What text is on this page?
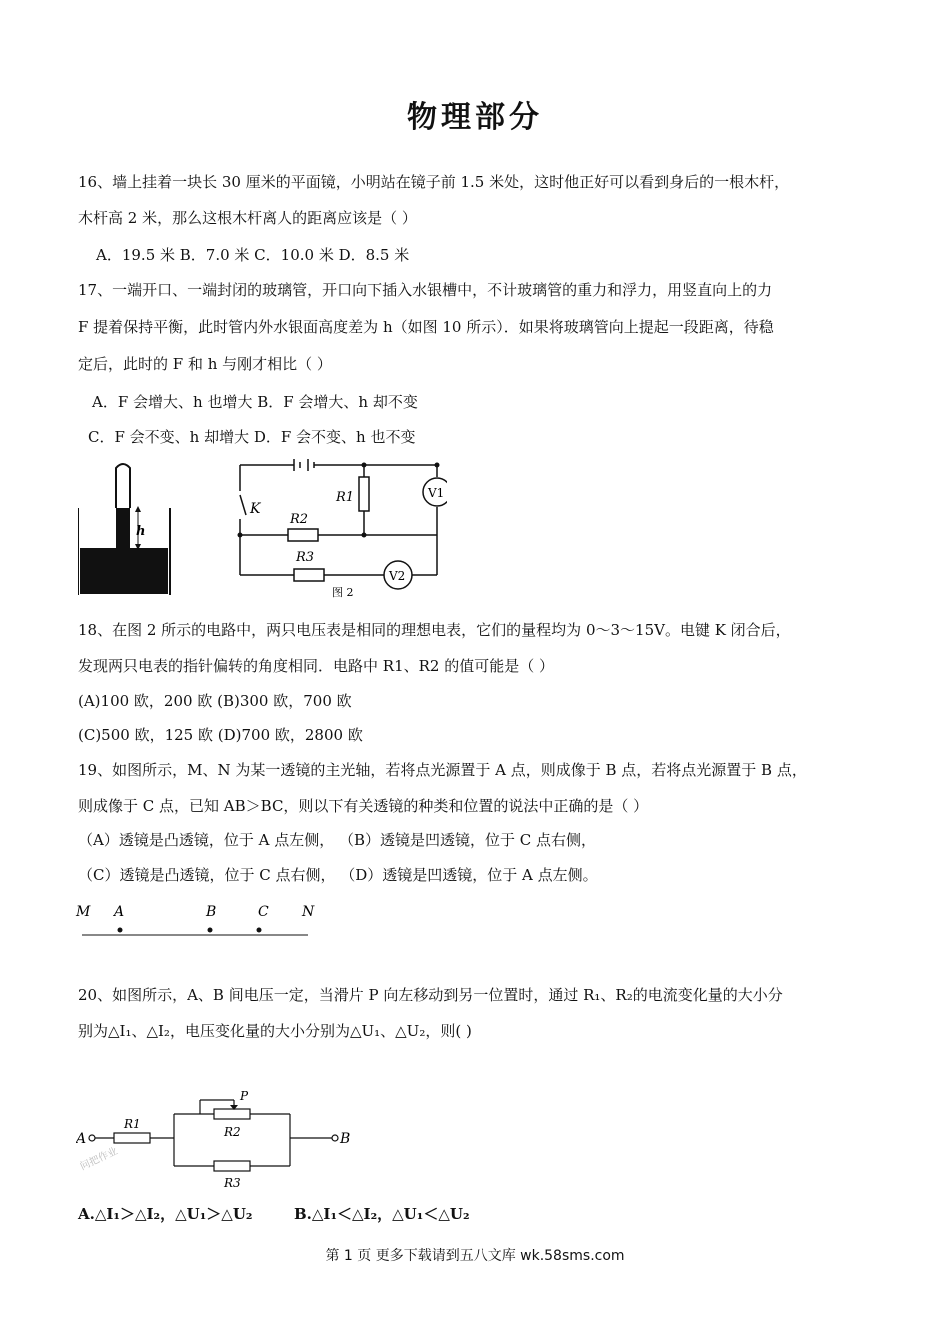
物理部分
16、墙上挂着一块长 30 厘米的平面镜，小明站在镜子前 1.5 米处，这时他正好可以看到身后的一根木杆，
木杆高 2 米，那么这根木杆离人的距离应该是（ ）
A．19.5 米 B．7.0 米 C．10.0 米 D．8.5 米
17、一端开口、一端封闭的玻璃管，开口向下插入水银槽中，不计玻璃管的重力和浮力，用竖直向上的力
F 提着保持平衡，此时管内外水银面高度差为 h（如图 10 所示）．如果将玻璃管向上提起一段距离，待稳
定后，此时的 F 和 h 与刚才相比（ ）
A．F 会增大、h 也增大 B．F 会增大、h 却不变
C．F 会不变、h 却增大 D．F 会不变、h 也不变
h
K
R1
R2
R3
V1
V2
图 2
18、在图 2 所示的电路中，两只电压表是相同的理想电表，它们的量程均为 0～3～15V。电键 K 闭合后，
发现两只电表的指针偏转的角度相同．电路中 R1、R2 的值可能是（ ）
(A)100 欧，200 欧 (B)300 欧，700 欧
(C)500 欧，125 欧 (D)700 欧，2800 欧
19、如图所示，M、N 为某一透镜的主光轴，若将点光源置于 A 点，则成像于 B 点，若将点光源置于 B 点，
则成像于 C 点，已知 AB＞BC，则以下有关透镜的种类和位置的说法中正确的是（ ）
（A）透镜是凸透镜，位于 A 点左侧， （B）透镜是凹透镜，位于 C 点右侧，
（C）透镜是凸透镜，位于 C 点右侧， （D）透镜是凹透镜，位于 A 点左侧。
M A	B	C N
20、如图所示，A、B 间电压一定，当滑片 P 向左移动到另一位置时，通过 R₁、R₂的电流变化量的大小分
别为△I₁、△I₂，电压变化量的大小分别为△U₁、△U₂，则( )
A	B
R1
P
R2
R3
问把作业
A.△I₁＞△I₂，△U₁＞△U₂	B.△I₁＜△I₂，△U₁＜△U₂
第 1 页 更多下载请到五八文库 wk.58sms.com
